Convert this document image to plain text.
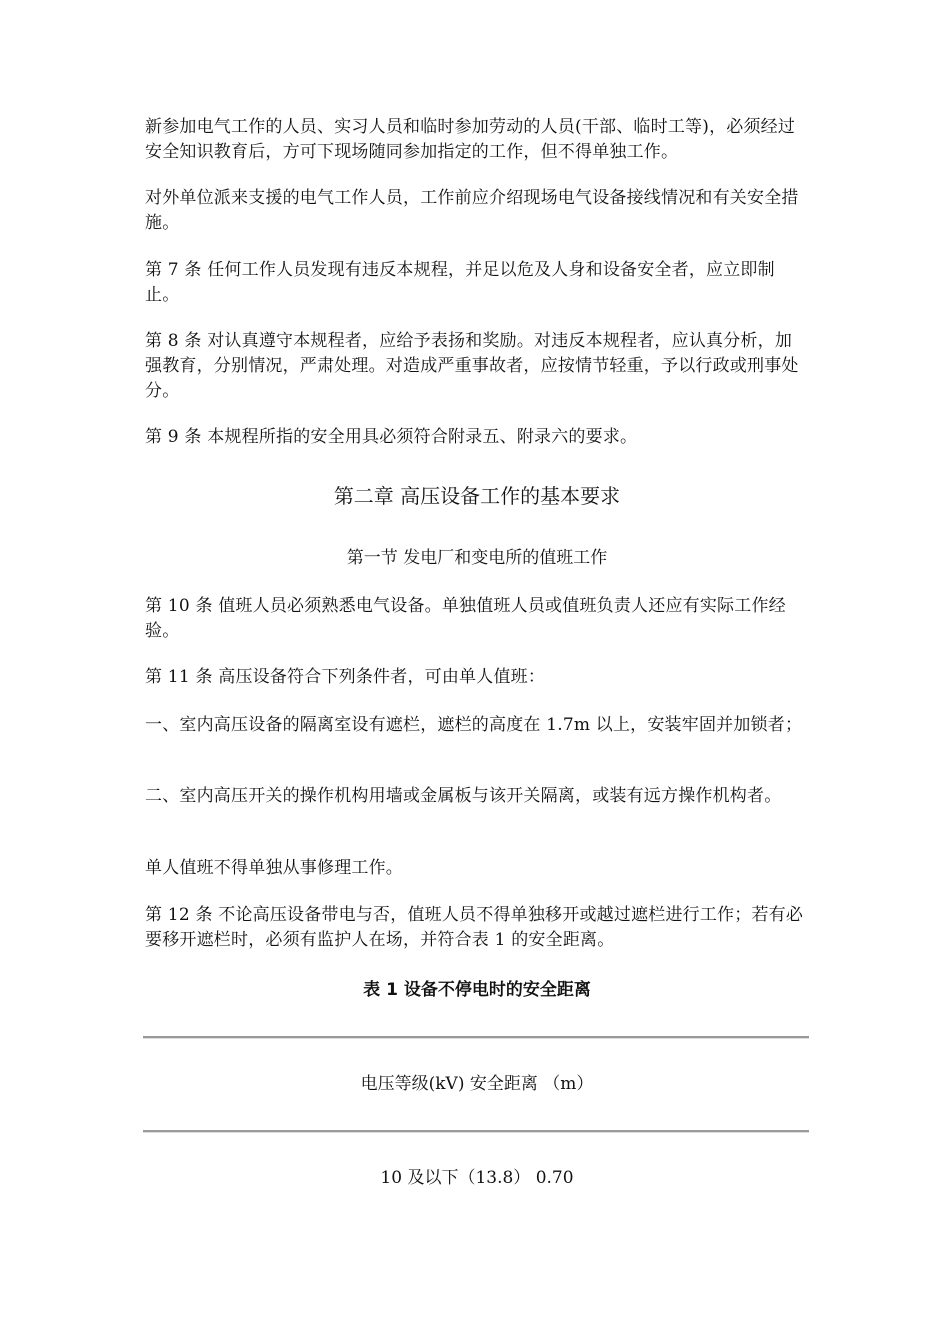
新参加电气工作的人员、实习人员和临时参加劳动的人员(干部、临时工等)，必须经过安全知识教育后，方可下现场随同参加指定的工作，但不得单独工作。

对外单位派来支援的电气工作人员，工作前应介绍现场电气设备接线情况和有关安全措施。

第 7 条 任何工作人员发现有违反本规程，并足以危及人身和设备安全者，应立即制止。

第 8 条 对认真遵守本规程者，应给予表扬和奖励。对违反本规程者，应认真分析，加强教育，分别情况，严肃处理。对造成严重事故者，应按情节轻重，予以行政或刑事处分。

第 9 条 本规程所指的安全用具必须符合附录五、附录六的要求。

第二章 高压设备工作的基本要求

第一节 发电厂和变电所的值班工作

第 10 条 值班人员必须熟悉电气设备。单独值班人员或值班负责人还应有实际工作经验。

第 11 条 高压设备符合下列条件者，可由单人值班：

一、室内高压设备的隔离室设有遮栏，遮栏的高度在 1.7m 以上，安装牢固并加锁者；

二、室内高压开关的操作机构用墙或金属板与该开关隔离，或装有远方操作机构者。

单人值班不得单独从事修理工作。

第 12 条 不论高压设备带电与否，值班人员不得单独移开或越过遮栏进行工作；若有必要移开遮栏时，必须有监护人在场，并符合表 1 的安全距离。

表 1 设备不停电时的安全距离

电压等级(kV) 安全距离 （m）

10 及以下（13.8） 0.70
